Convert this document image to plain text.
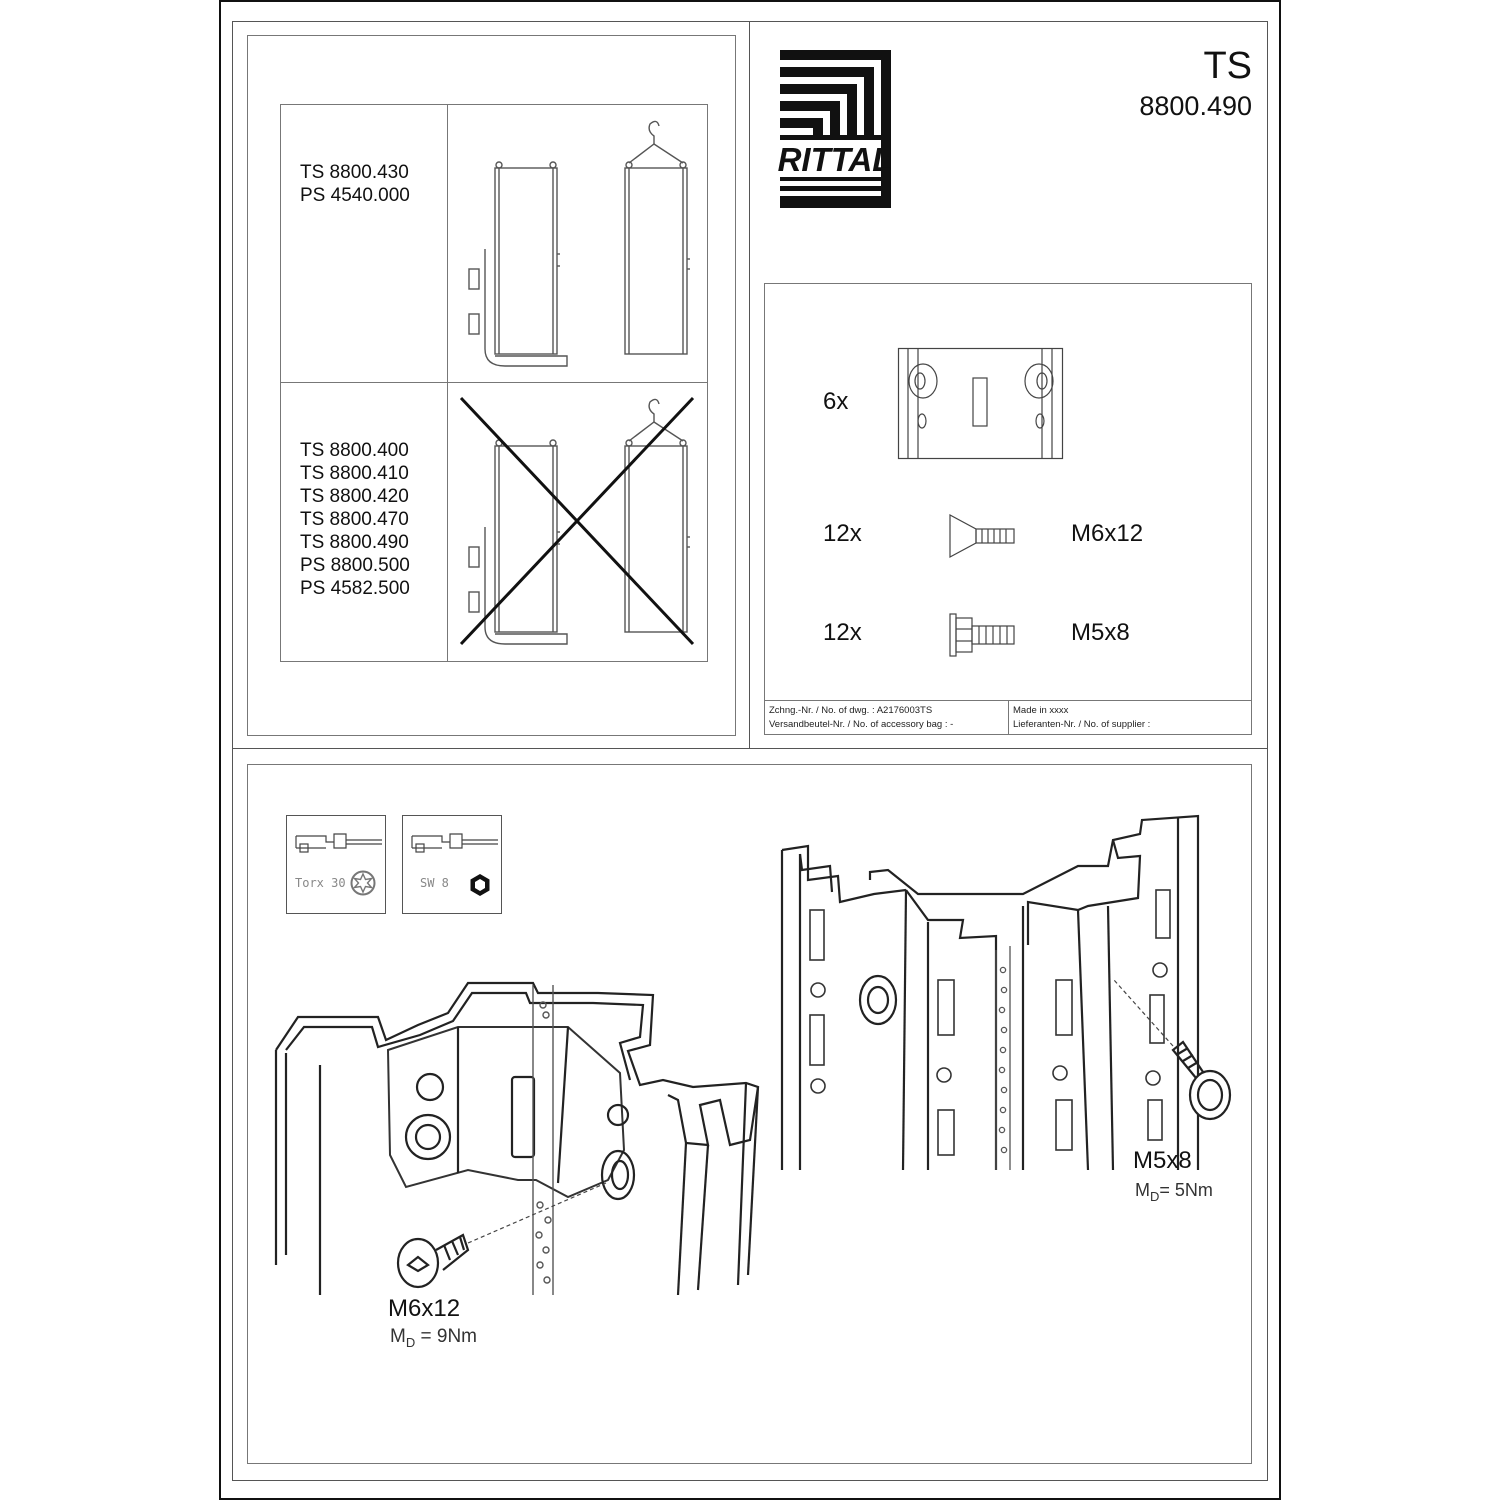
TS 8800.430
PS 4540.000
TS 8800.400
TS 8800.410
TS 8800.420
TS 8800.470
TS 8800.490
PS 8800.500
PS 4582.500
RITTAL
TS
8800.490
6x
12x	M6x12
12x	M5x8
Zchng.-Nr. / No. of dwg. : A2176003TS
Versandbeutel-Nr. / No. of accessory bag : -
Made in xxxx
Lieferanten-Nr. / No. of supplier :
Torx 30	SW 8
M6x12
$M_D = 9Nm$
M5x8
$M_D= 5Nm$
